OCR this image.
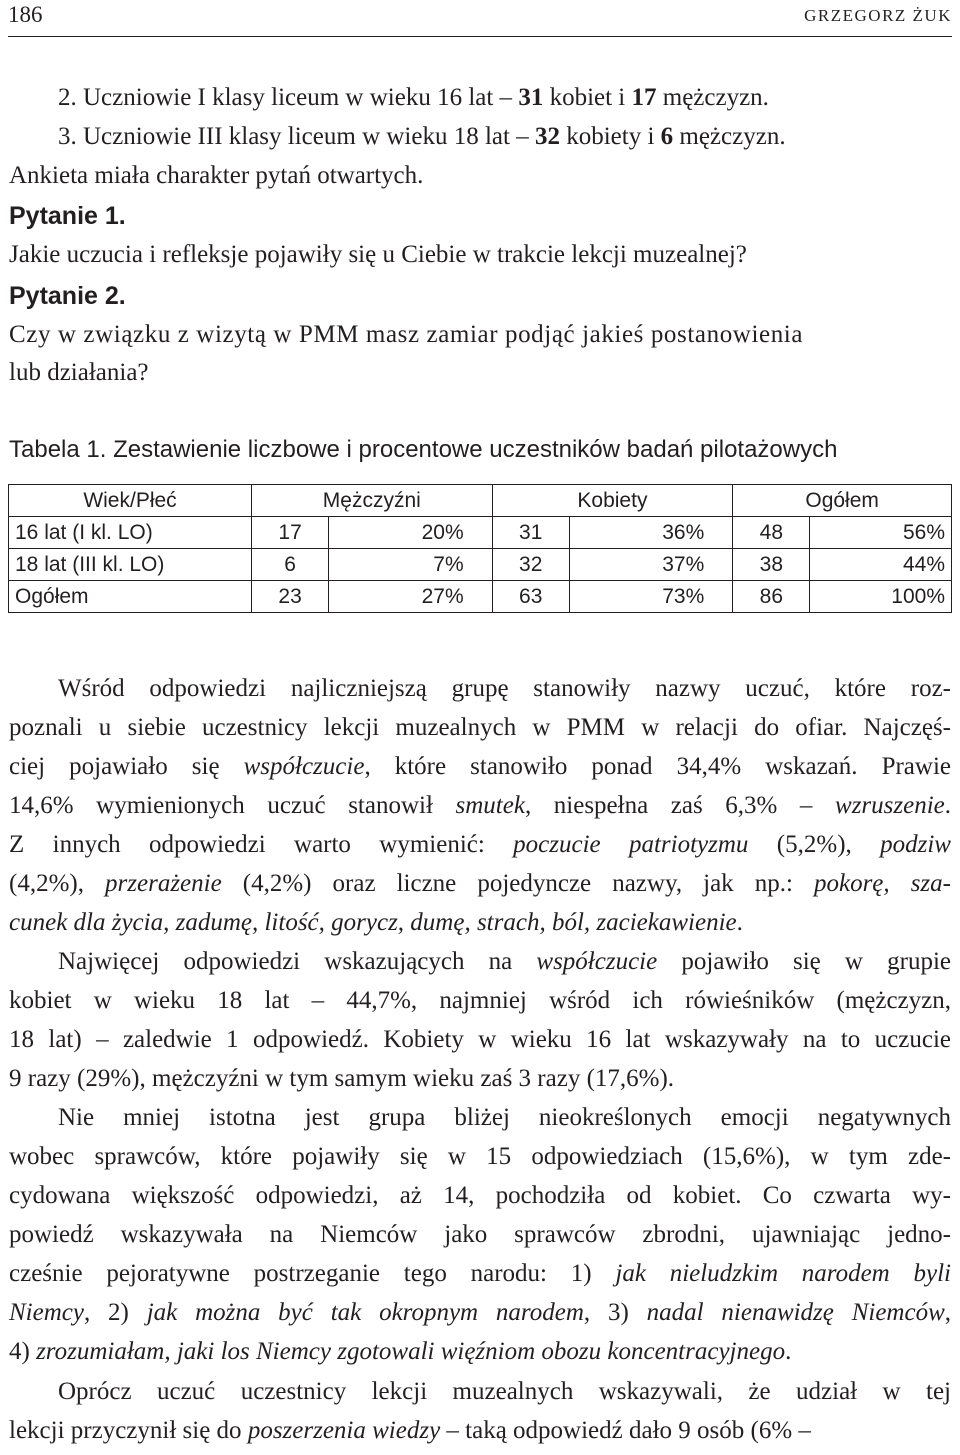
186	GRZEGORZ ŻUK
2. Uczniowie I klasy liceum w wieku 16 lat – 31 kobiet i 17 mężczyzn.
3. Uczniowie III klasy liceum w wieku 18 lat – 32 kobiety i 6 mężczyzn.
Ankieta miała charakter pytań otwartych.
Pytanie 1.
Jakie uczucia i refleksje pojawiły się u Ciebie w trakcie lekcji muzealnej?
Pytanie 2.
Czy w związku z wizytą w PMM masz zamiar podjąć jakieś postanowienia
lub działania?
Tabela 1. Zestawienie liczbowe i procentowe uczestników badań pilotażowych
Wiek/Płeć	Mężczyźni		Kobiety		Ogółem	
16 lat (I kl. LO)	17	20%	31	36%	48	56%
18 lat (III kl. LO)	6	7%	32	37%	38	44%
Ogółem	23	27%	63	73%	86	100%
Wśród odpowiedzi najliczniejszą grupę stanowiły nazwy uczuć, które roz-
poznali u siebie uczestnicy lekcji muzealnych w PMM w relacji do ofiar. Najczęś-
ciej pojawiało się współczucie, które stanowiło ponad 34,4% wskazań. Prawie
14,6% wymienionych uczuć stanowił smutek, niespełna zaś 6,3% – wzruszenie.
Z innych odpowiedzi warto wymienić: poczucie patriotyzmu (5,2%), podziw
(4,2%), przerażenie (4,2%) oraz liczne pojedyncze nazwy, jak np.: pokorę, sza-
cunek dla życia, zadumę, litość, gorycz, dumę, strach, ból, zaciekawienie.
Najwięcej odpowiedzi wskazujących na współczucie pojawiło się w grupie
kobiet w wieku 18 lat – 44,7%, najmniej wśród ich rówieśników (mężczyzn,
18 lat) – zaledwie 1 odpowiedź. Kobiety w wieku 16 lat wskazywały na to uczucie
9 razy (29%), mężczyźni w tym samym wieku zaś 3 razy (17,6%).
Nie mniej istotna jest grupa bliżej nieokreślonych emocji negatywnych
wobec sprawców, które pojawiły się w 15 odpowiedziach (15,6%), w tym zde-
cydowana większość odpowiedzi, aż 14, pochodziła od kobiet. Co czwarta wy-
powiedź wskazywała na Niemców jako sprawców zbrodni, ujawniając jedno-
cześnie pejoratywne postrzeganie tego narodu: 1) jak nieludzkim narodem byli
Niemcy, 2) jak można być tak okropnym narodem, 3) nadal nienawidzę Niemców,
4) zrozumiałam, jaki los Niemcy zgotowali więźniom obozu koncentracyjnego.
Oprócz uczuć uczestnicy lekcji muzealnych wskazywali, że udział w tej
lekcji przyczynił się do poszerzenia wiedzy – taką odpowiedź dało 9 osób (6% –
